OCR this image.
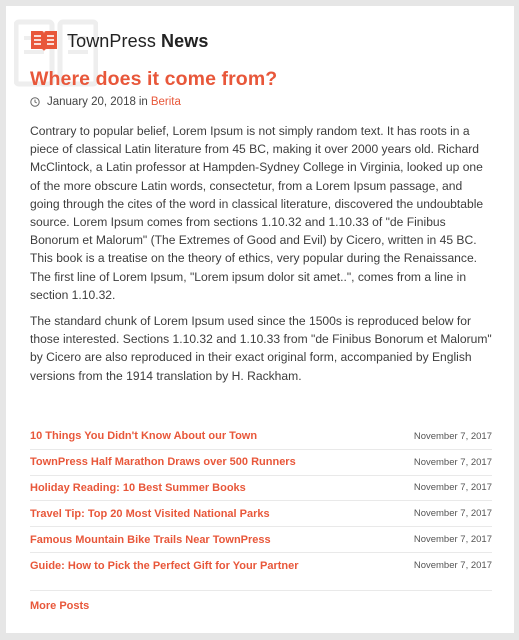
TownPress News
Where does it come from?
January 20, 2018 in Berita

Contrary to popular belief, Lorem Ipsum is not simply random text. It has roots in a piece of classical Latin literature from 45 BC, making it over 2000 years old. Richard McClintock, a Latin professor at Hampden-Sydney College in Virginia, looked up one of the more obscure Latin words, consectetur, from a Lorem Ipsum passage, and going through the cites of the word in classical literature, discovered the undoubtable source. Lorem Ipsum comes from sections 1.10.32 and 1.10.33 of "de Finibus Bonorum et Malorum" (The Extremes of Good and Evil) by Cicero, written in 45 BC. This book is a treatise on the theory of ethics, very popular during the Renaissance. The first line of Lorem Ipsum, "Lorem ipsum dolor sit amet..", comes from a line in section 1.10.32.

The standard chunk of Lorem Ipsum used since the 1500s is reproduced below for those interested. Sections 1.10.32 and 1.10.33 from "de Finibus Bonorum et Malorum" by Cicero are also reproduced in their exact original form, accompanied by English versions from the 1914 translation by H. Rackham.

10 Things You Didn't Know About our Town	November 7, 2017
TownPress Half Marathon Draws over 500 Runners	November 7, 2017
Holiday Reading: 10 Best Summer Books	November 7, 2017
Travel Tip: Top 20 Most Visited National Parks	November 7, 2017
Famous Mountain Bike Trails Near TownPress	November 7, 2017
Guide: How to Pick the Perfect Gift for Your Partner	November 7, 2017
More Posts
